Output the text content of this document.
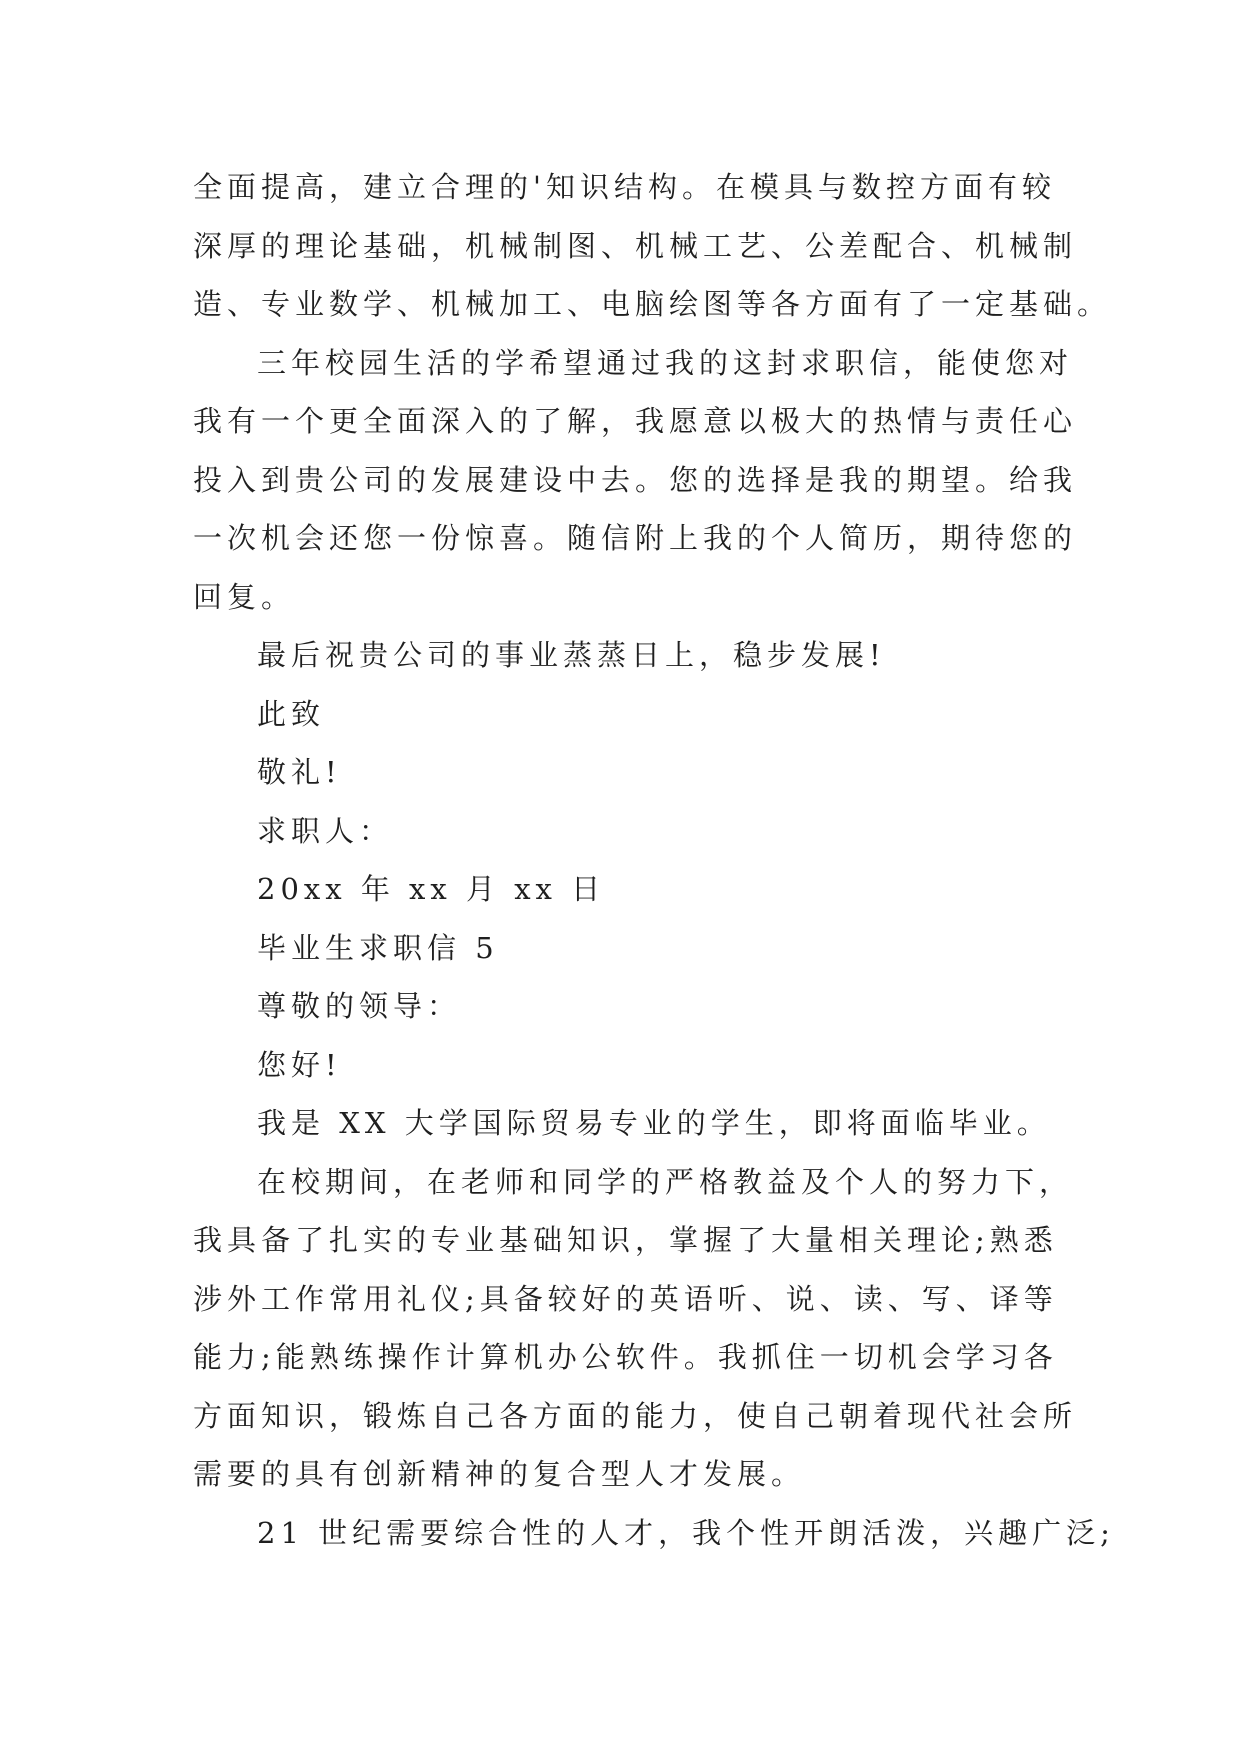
全面提高，建立合理的'知识结构。在模具与数控方面有较
深厚的理论基础，机械制图、机械工艺、公差配合、机械制
造、专业数学、机械加工、电脑绘图等各方面有了一定基础。
三年校园生活的学希望通过我的这封求职信，能使您对
我有一个更全面深入的了解，我愿意以极大的热情与责任心
投入到贵公司的发展建设中去。您的选择是我的期望。给我
一次机会还您一份惊喜。随信附上我的个人简历，期待您的
回复。
最后祝贵公司的事业蒸蒸日上，稳步发展!
此致
敬礼!
求职人：
20xx 年 xx 月 xx 日
毕业生求职信 5
尊敬的领导：
您好!
我是 XX 大学国际贸易专业的学生，即将面临毕业。
在校期间，在老师和同学的严格教益及个人的努力下，
我具备了扎实的专业基础知识，掌握了大量相关理论;熟悉
涉外工作常用礼仪;具备较好的英语听、说、读、写、译等
能力;能熟练操作计算机办公软件。我抓住一切机会学习各
方面知识，锻炼自己各方面的能力，使自己朝着现代社会所
需要的具有创新精神的复合型人才发展。
21 世纪需要综合性的人才，我个性开朗活泼，兴趣广泛;
